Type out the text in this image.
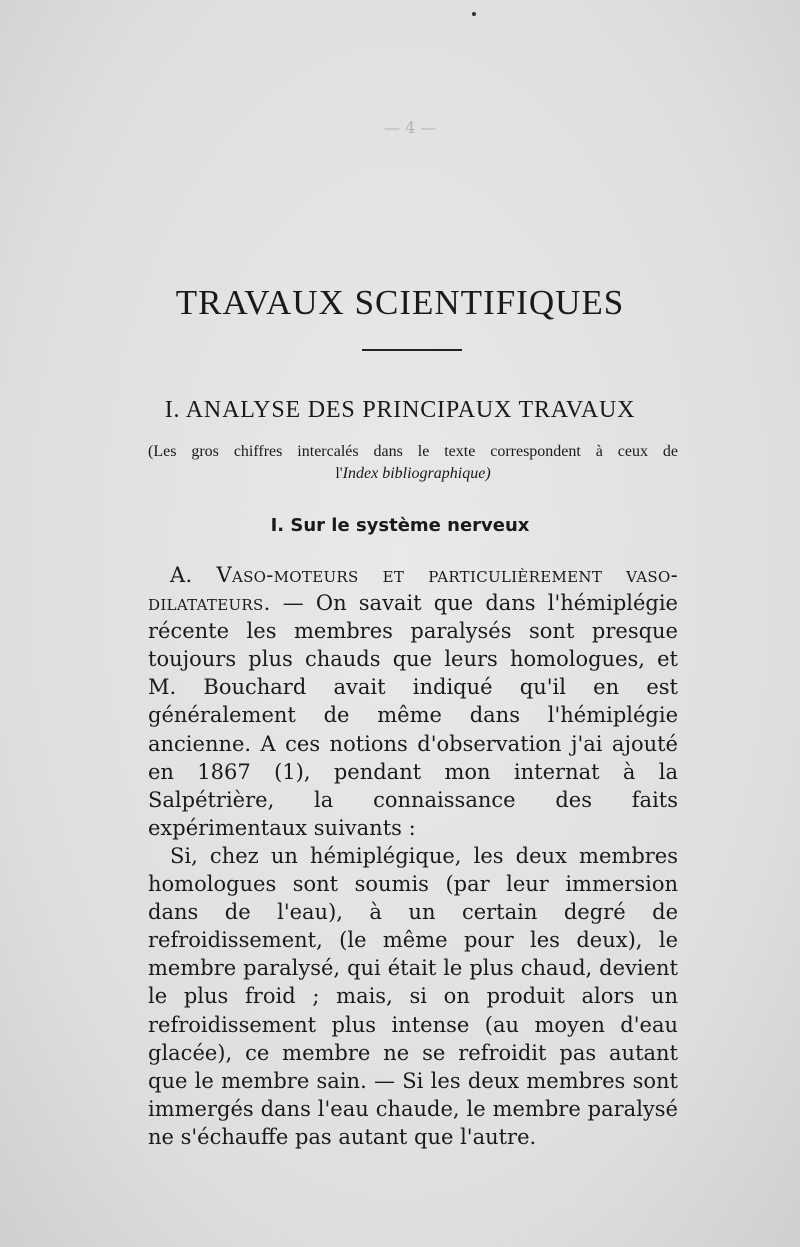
— 4 —
TRAVAUX SCIENTIFIQUES
I. ANALYSE DES PRINCIPAUX TRAVAUX
(Les gros chiffres intercalés dans le texte correspondent à ceux de
l'Index bibliographique)
I. Sur le système nerveux

A. Vaso-moteurs et particulièrement vaso-dilatateurs. — On savait que dans l'hémiplégie récente les membres paralysés sont presque toujours plus chauds que leurs homologues, et M. Bouchard avait indiqué qu'il en est généralement de même dans l'hémiplégie ancienne. A ces notions d'observation j'ai ajouté en 1867 (1), pendant mon internat à la Salpétrière, la connaissance des faits expérimentaux suivants :

Si, chez un hémiplégique, les deux membres homologues sont soumis (par leur immersion dans de l'eau), à un certain degré de refroidissement, (le même pour les deux), le membre paralysé, qui était le plus chaud, devient le plus froid ; mais, si on produit alors un refroidissement plus intense (au moyen d'eau glacée), ce membre ne se refroidit pas autant que le membre sain. — Si les deux membres sont immergés dans l'eau chaude, le membre paralysé ne s'échauffe pas autant que l'autre.
